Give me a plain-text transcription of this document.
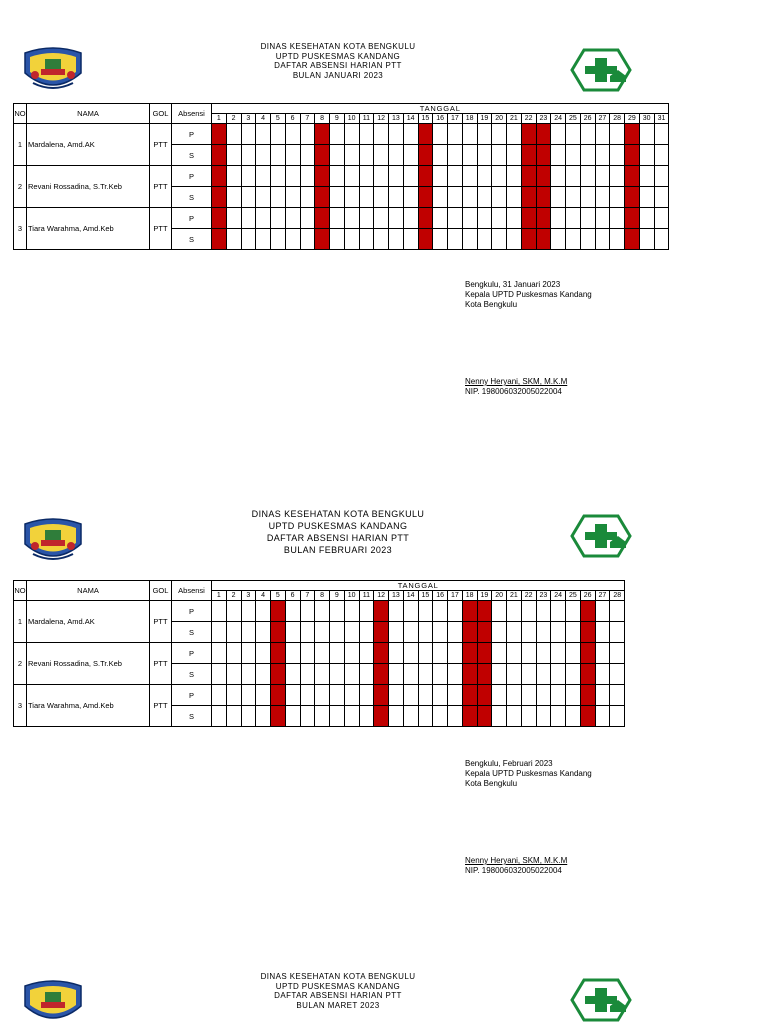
DINAS KESEHATAN KOTA BENGKULU
UPTD PUSKESMAS KANDANG
DAFTAR ABSENSI HARIAN PTT
BULAN JANUARI 2023
NO	NAMA	GOL	Absensi	TANGGAL																														
				1	2	3	4	5	6	7	8	9	10	11	12	13	14	15	16	17	18	19	20	21	22	23	24	25	26	27	28	29	30	31
1	Mardalena, Amd.AK	PTT	P																															
			S																															
2	Revani Rossadina, S.Tr.Keb	PTT	P																															
			S																															
3	Tiara Warahma, Amd.Keb	PTT	P																															
			S																															
Bengkulu, 31 Januari 2023
Kepala UPTD Puskesmas Kandang
Kota Bengkulu
Nenny Heryani, SKM, M.K.M
NIP. 198006032005022004
DINAS KESEHATAN KOTA BENGKULU
UPTD PUSKESMAS KANDANG
DAFTAR ABSENSI HARIAN PTT
BULAN FEBRUARI 2023
NO	NAMA	GOL	Absensi	TANGGAL																											
				1	2	3	4	5	6	7	8	9	10	11	12	13	14	15	16	17	18	19	20	21	22	23	24	25	26	27	28
1	Mardalena, Amd.AK	PTT	P																												
			S																												
2	Revani Rossadina, S.Tr.Keb	PTT	P																												
			S																												
3	Tiara Warahma, Amd.Keb	PTT	P																												
			S																												
Bengkulu, Februari 2023
Kepala UPTD Puskesmas Kandang
Kota Bengkulu
Nenny Heryani, SKM, M.K.M
NIP. 198006032005022004
DINAS KESEHATAN KOTA BENGKULU
UPTD PUSKESMAS KANDANG
DAFTAR ABSENSI HARIAN PTT
BULAN MARET 2023
